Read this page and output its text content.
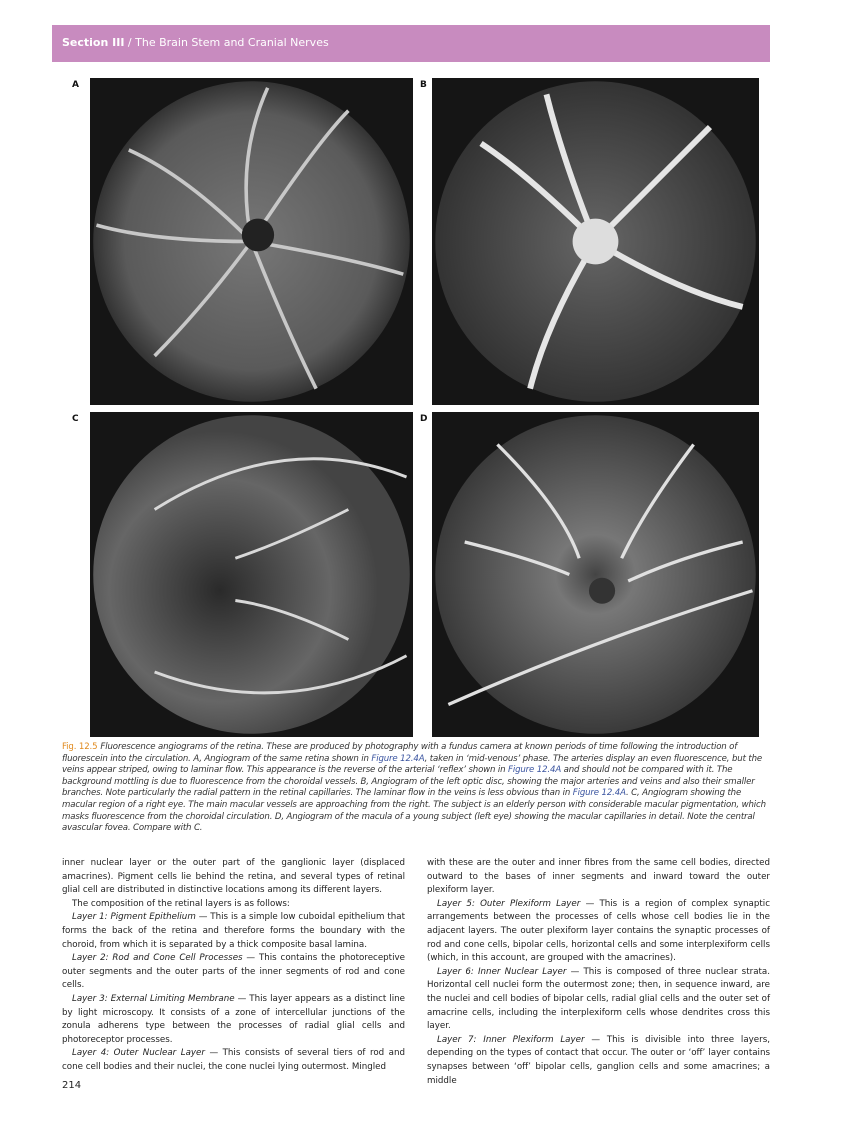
Section III / The Brain Stem and Cranial Nerves
A	B
C	D
Fig. 12.5 Fluorescence angiograms of the retina. These are produced by photography with a fundus camera at known periods of time following the introduction of fluorescein into the circulation. A, Angiogram of the same retina shown in Figure 12.4A, taken in ‘mid-venous’ phase. The arteries display an even fluorescence, but the veins appear striped, owing to laminar flow. This appearance is the reverse of the arterial ‘reflex’ shown in Figure 12.4A and should not be compared with it. The background mottling is due to fluorescence from the choroidal vessels. B, Angiogram of the left optic disc, showing the major arteries and veins and also their smaller branches. Note particularly the radial pattern in the retinal capillaries. The laminar flow in the veins is less obvious than in Figure 12.4A. C, Angiogram showing the macular region of a right eye. The main macular vessels are approaching from the right. The subject is an elderly person with considerable macular pigmentation, which masks fluorescence from the choroidal circulation. D, Angiogram of the macula of a young subject (left eye) showing the macular capillaries in detail. Note the central avascular fovea. Compare with C.

inner nuclear layer or the outer part of the ganglionic layer (displaced amacrines). Pigment cells lie behind the retina, and several types of retinal glial cell are distributed in distinctive locations among its different layers.

The composition of the retinal layers is as follows:

Layer 1: Pigment Epithelium — This is a simple low cuboidal epithelium that forms the back of the retina and therefore forms the boundary with the choroid, from which it is separated by a thick composite basal lamina.

Layer 2: Rod and Cone Cell Processes — This contains the photoreceptive outer segments and the outer parts of the inner segments of rod and cone cells.

Layer 3: External Limiting Membrane — This layer appears as a distinct line by light microscopy. It consists of a zone of intercellular junctions of the zonula adherens type between the processes of radial glial cells and photoreceptor processes.

Layer 4: Outer Nuclear Layer — This consists of several tiers of rod and cone cell bodies and their nuclei, the cone nuclei lying outermost. Mingled

with these are the outer and inner fibres from the same cell bodies, directed outward to the bases of inner segments and inward toward the outer plexiform layer.

Layer 5: Outer Plexiform Layer — This is a region of complex synaptic arrangements between the processes of cells whose cell bodies lie in the adjacent layers. The outer plexiform layer contains the synaptic processes of rod and cone cells, bipolar cells, horizontal cells and some interplexiform cells (which, in this account, are grouped with the amacrines).

Layer 6: Inner Nuclear Layer — This is composed of three nuclear strata. Horizontal cell nuclei form the outermost zone; then, in sequence inward, are the nuclei and cell bodies of bipolar cells, radial glial cells and the outer set of amacrine cells, including the interplexiform cells whose dendrites cross this layer.

Layer 7: Inner Plexiform Layer — This is divisible into three layers, depending on the types of contact that occur. The outer or ‘off’ layer contains synapses between ‘off’ bipolar cells, ganglion cells and some amacrines; a middle

214
